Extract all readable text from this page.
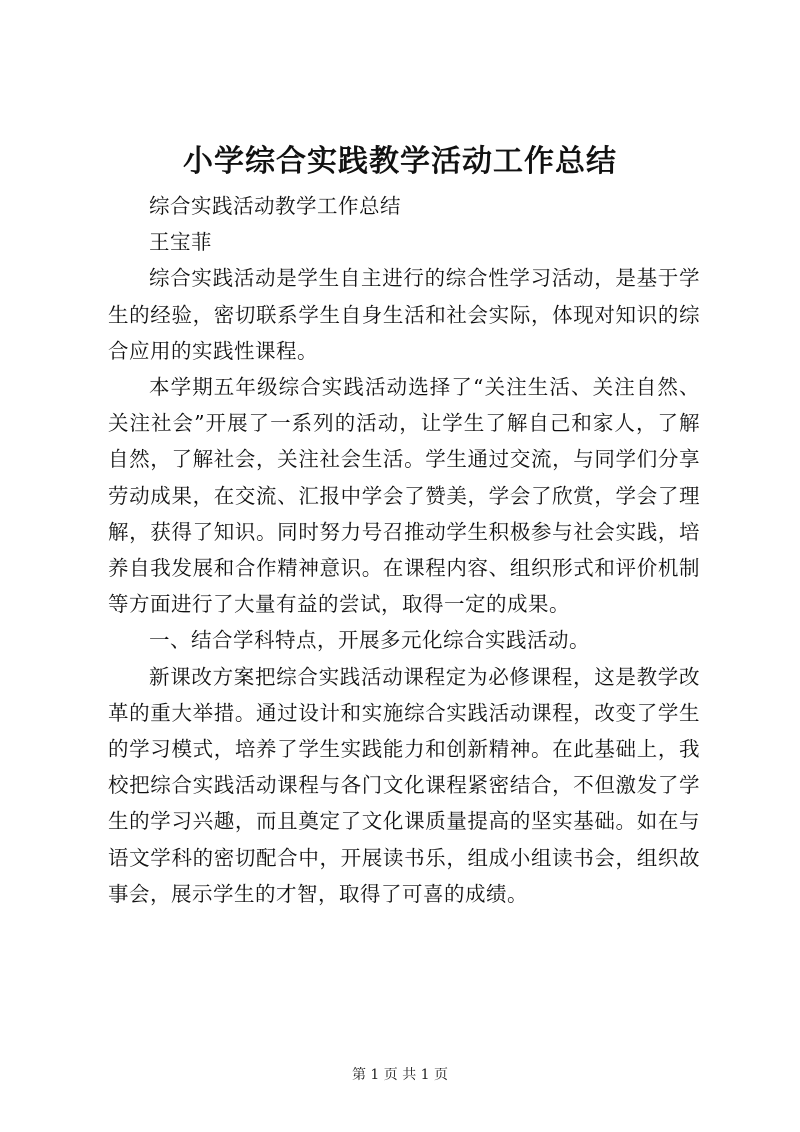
小学综合实践教学活动工作总结

综合实践活动教学工作总结

王宝菲

综合实践活动是学生自主进行的综合性学习活动，是基于学生的经验，密切联系学生自身生活和社会实际，体现对知识的综合应用的实践性课程。

本学期五年级综合实践活动选择了“关注生活、关注自然、关注社会”开展了一系列的活动，让学生了解自己和家人，了解自然，了解社会，关注社会生活。学生通过交流，与同学们分享劳动成果，在交流、汇报中学会了赞美，学会了欣赏，学会了理解，获得了知识。同时努力号召推动学生积极参与社会实践，培养自我发展和合作精神意识。在课程内容、组织形式和评价机制等方面进行了大量有益的尝试，取得一定的成果。

一、结合学科特点，开展多元化综合实践活动。

新课改方案把综合实践活动课程定为必修课程，这是教学改革的重大举措。通过设计和实施综合实践活动课程，改变了学生的学习模式，培养了学生实践能力和创新精神。在此基础上，我校把综合实践活动课程与各门文化课程紧密结合，不但激发了学生的学习兴趣，而且奠定了文化课质量提高的坚实基础。如在与语文学科的密切配合中，开展读书乐，组成小组读书会，组织故事会，展示学生的才智，取得了可喜的成绩。

第 1 页 共 1 页
